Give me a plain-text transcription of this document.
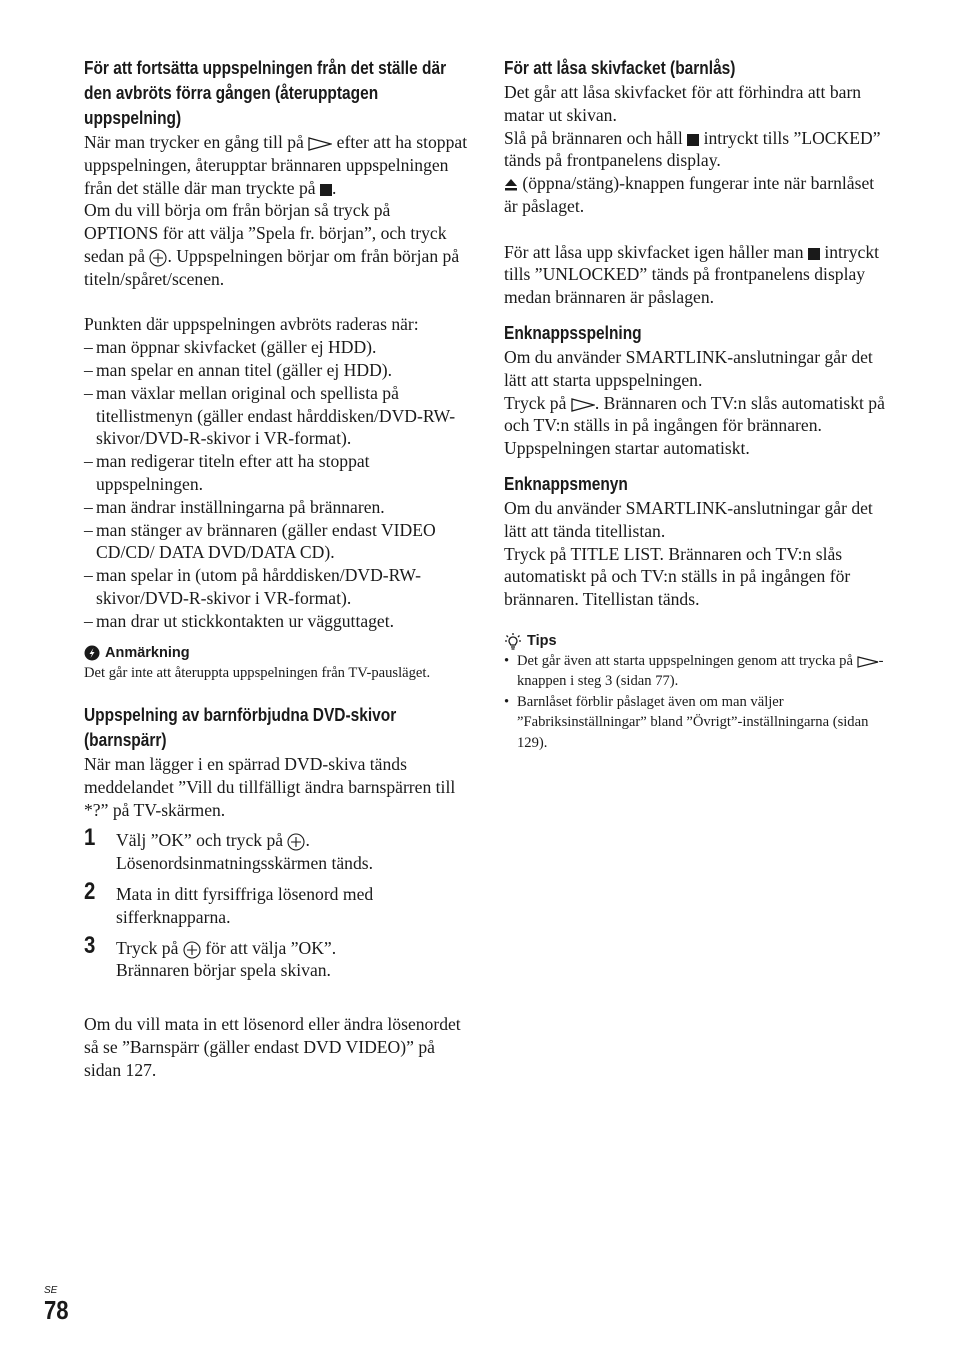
För att fortsätta uppspelningen från det ställe där den avbröts förra gången (återupptagen uppspelning)

När man trycker en gång till på efter att ha stoppat uppspelningen, återupptar brännaren uppspelningen från det ställe där man tryckte på .

Om du vill börja om från början så tryck på OPTIONS för att välja ”Spela fr. början”, och tryck sedan på . Uppspelningen börjar om från början på titeln/spåret/scenen.

Punkten där uppspelningen avbröts raderas när:

– man öppnar skivfacket (gäller ej HDD).
– man spelar en annan titel (gäller ej HDD).
– man växlar mellan original och spellista på titellistmenyn (gäller endast hårddisken/DVD-RW-skivor/DVD-R-skivor i VR-format).
– man redigerar titeln efter att ha stoppat uppspelningen.
– man ändrar inställningarna på brännaren.
– man stänger av brännaren (gäller endast VIDEO CD/CD/ DATA DVD/DATA CD).
– man spelar in (utom på hårddisken/DVD-RW-skivor/DVD-R-skivor i VR-format).
– man drar ut stickkontakten ur vägguttaget.
Anmärkning

Det går inte att återuppta uppspelningen från TV-pausläget.

Uppspelning av barnförbjudna DVD-skivor (barnspärr)

När man lägger i en spärrad DVD-skiva tänds meddelandet ”Vill du tillfälligt ändra barnspärren till *?” på TV-skärmen.

1 Välj ”OK” och tryck på .
Lösenordsinmatningsskärmen tänds.

2 Mata in ditt fyrsiffriga lösenord med sifferknapparna.

3 Tryck på för att välja ”OK”.
Brännaren börjar spela skivan.

Om du vill mata in ett lösenord eller ändra lösenordet så se ”Barnspärr (gäller endast DVD VIDEO)” på sidan 127.

För att låsa skivfacket (barnlås)

Det går att låsa skivfacket för att förhindra att barn matar ut skivan.

Slå på brännaren och håll intryckt tills ”LOCKED” tänds på frontpanelens display.

(öppna/stäng)-knappen fungerar inte när barnlåset är påslaget.

För att låsa upp skivfacket igen håller man intryckt tills ”UNLOCKED” tänds på frontpanelens display medan brännaren är påslagen.

Enknappsspelning

Om du använder SMARTLINK-anslutningar går det lätt att starta uppspelningen.

Tryck på . Brännaren och TV:n slås automatiskt på och TV:n ställs in på ingången för brännaren. Uppspelningen startar automatiskt.

Enknappsmenyn

Om du använder SMARTLINK-anslutningar går det lätt att tända titellistan.

Tryck på TITLE LIST. Brännaren och TV:n slås automatiskt på och TV:n ställs in på ingången för brännaren. Titellistan tänds.

Tips
• Det går även att starta uppspelningen genom att trycka på -knappen i steg 3 (sidan 77).
• Barnlåset förblir påslaget även om man väljer ”Fabriksinställningar” bland ”Övrigt”-inställningarna (sidan 129).
SE
78
